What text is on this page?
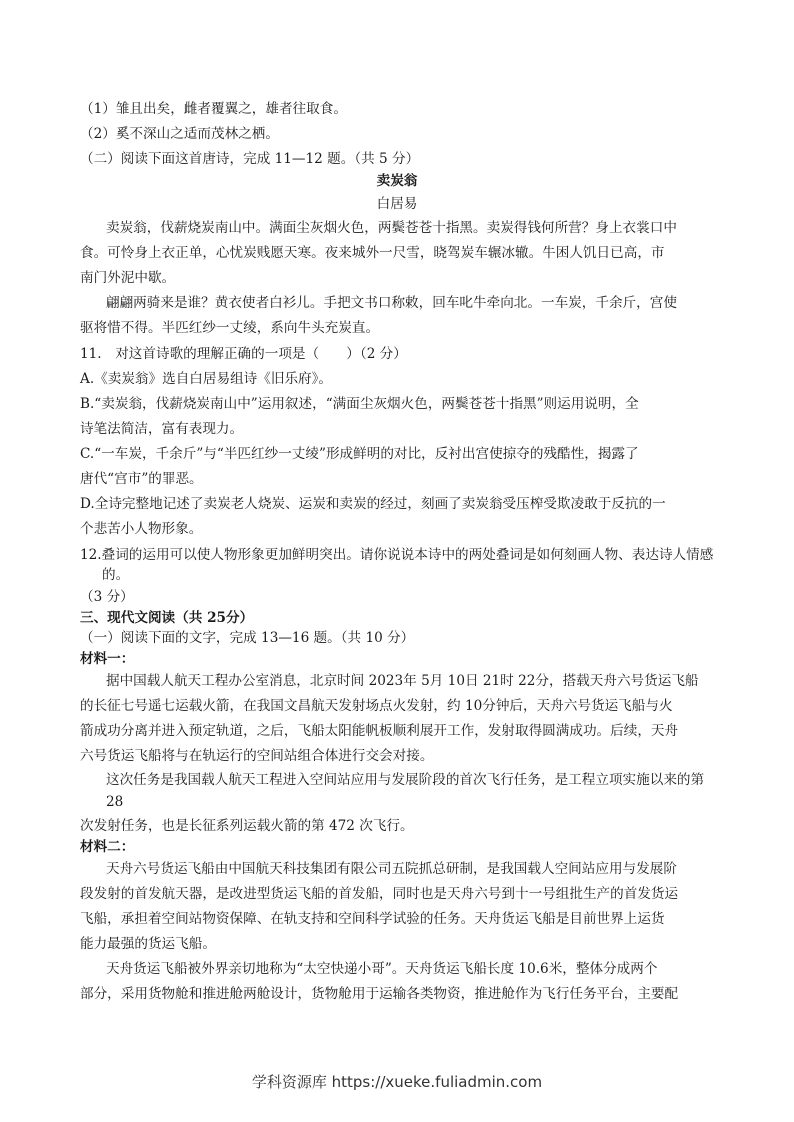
（1）雏且出矣，雌者覆翼之，雄者往取食。
（2）奚不深山之适而茂林之栖。
（二）阅读下面这首唐诗，完成 11—12 题。（共 5 分）
卖炭翁
白居易
卖炭翁，伐薪烧炭南山中。满面尘灰烟火色，两鬓苍苍十指黑。卖炭得钱何所营？身上衣裳口中
食。可怜身上衣正单，心忧炭贱愿天寒。夜来城外一尺雪，晓驾炭车辗冰辙。牛困人饥日已高，市
南门外泥中歇。
翩翩两骑来是谁？黄衣使者白衫儿。手把文书口称敕，回车叱牛牵向北。一车炭，千余斤，宫使
驱将惜不得。半匹红纱一丈绫，系向牛头充炭直。
11.　对这首诗歌的理解正确的一项是（　　）（2 分）
A.《卖炭翁》选自白居易组诗《旧乐府》。
B.“卖炭翁，伐薪烧炭南山中”运用叙述，“满面尘灰烟火色，两鬓苍苍十指黑”则运用说明，全
诗笔法简洁，富有表现力。
C.“一车炭，千余斤”与“半匹红纱一丈绫”形成鲜明的对比，反衬出宫使掠夺的残酷性，揭露了
唐代“宫市”的罪恶。
D.全诗完整地记述了卖炭老人烧炭、运炭和卖炭的经过，刻画了卖炭翁受压榨受欺凌敢于反抗的一
个悲苦小人物形象。
12.叠词的运用可以使人物形象更加鲜明突出。请你说说本诗中的两处叠词是如何刻画人物、表达诗人情感
的。
（3 分）
三、现代文阅读（共 25分）
（一）阅读下面的文字，完成 13—16 题。（共 10 分）
材料一：
据中国载人航天工程办公室消息，北京时间 2023年 5月 10日 21时 22分，搭载天舟六号货运飞船
的长征七号遥七运载火箭，在我国文昌航天发射场点火发射，约 10分钟后，天舟六号货运飞船与火
箭成功分离并进入预定轨道，之后，飞船太阳能帆板顺利展开工作，发射取得圆满成功。后续，天舟
六号货运飞船将与在轨运行的空间站组合体进行交会对接。
这次任务是我国载人航天工程进入空间站应用与发展阶段的首次飞行任务，是工程立项实施以来的第
28
次发射任务，也是长征系列运载火箭的第 472 次飞行。
材料二：
天舟六号货运飞船由中国航天科技集团有限公司五院抓总研制，是我国载人空间站应用与发展阶
段发射的首发航天器，是改进型货运飞船的首发船，同时也是天舟六号到十一号组批生产的首发货运
飞船，承担着空间站物资保障、在轨支持和空间科学试验的任务。天舟货运飞船是目前世界上运货
能力最强的货运飞船。
天舟货运飞船被外界亲切地称为“太空快递小哥”。天舟货运飞船长度 10.6米，整体分成两个
部分，采用货物舱和推进舱两舱设计，货物舱用于运输各类物资，推进舱作为飞行任务平台，主要配
学科资源库 https://xueke.fuliadmin.com
